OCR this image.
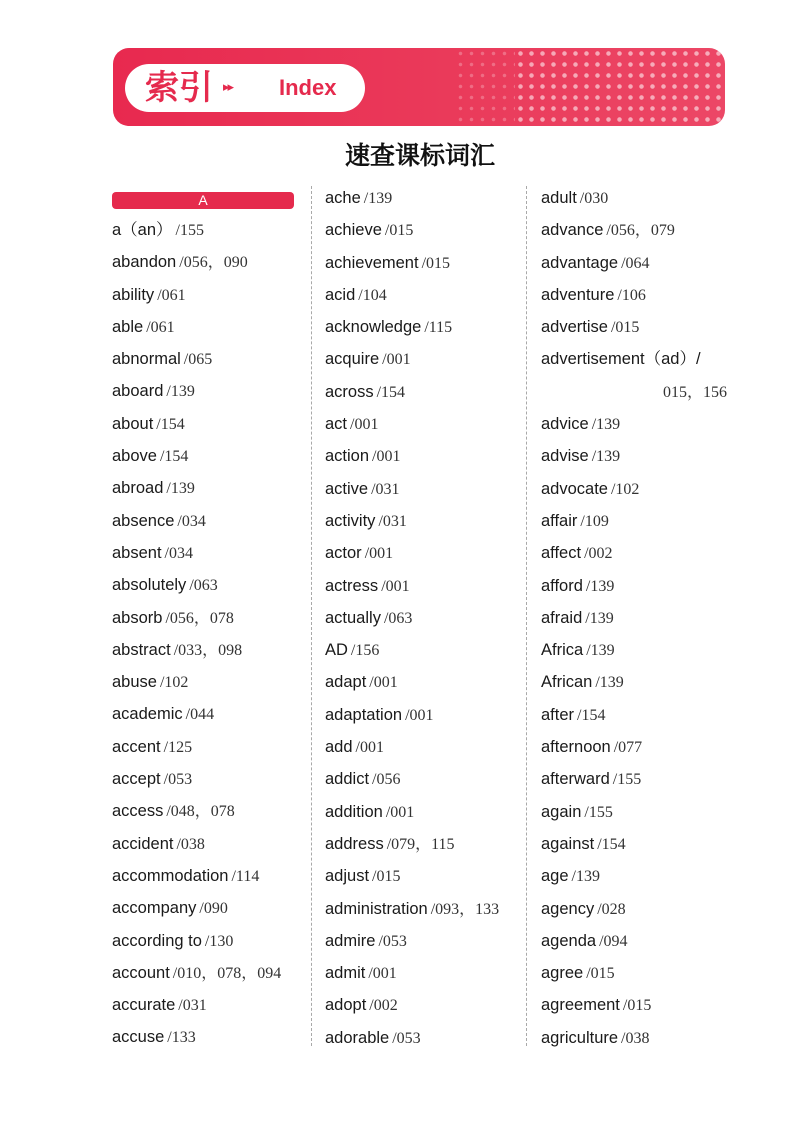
索引 ▸▸ Index
速查课标词汇
A
a（an） /155
abandon /056，090
ability /061
able /061
abnormal /065
aboard /139
about /154
above /154
abroad /139
absence /034
absent /034
absolutely /063
absorb /056，078
abstract /033，098
abuse /102
academic /044
accent /125
accept /053
access /048，078
accident /038
accommodation /114
accompany /090
according to /130
account /010，078，094
accurate /031
accuse /133
ache /139
achieve /015
achievement /015
acid /104
acknowledge /115
acquire /001
across /154
act /001
action /001
active /031
activity /031
actor /001
actress /001
actually /063
AD /156
adapt /001
adaptation /001
add /001
addict /056
addition /001
address /079，115
adjust /015
administration /093，133
admire /053
admit /001
adopt /002
adorable /053
adult /030
advance /056，079
advantage /064
adventure /106
advertise /015
advertisement（ad）/
015，156
advice /139
advise /139
advocate /102
affair /109
affect /002
afford /139
afraid /139
Africa /139
African /139
after /154
afternoon /077
afterward /155
again /155
against /154
age /139
agency /028
agenda /094
agree /015
agreement /015
agriculture /038
